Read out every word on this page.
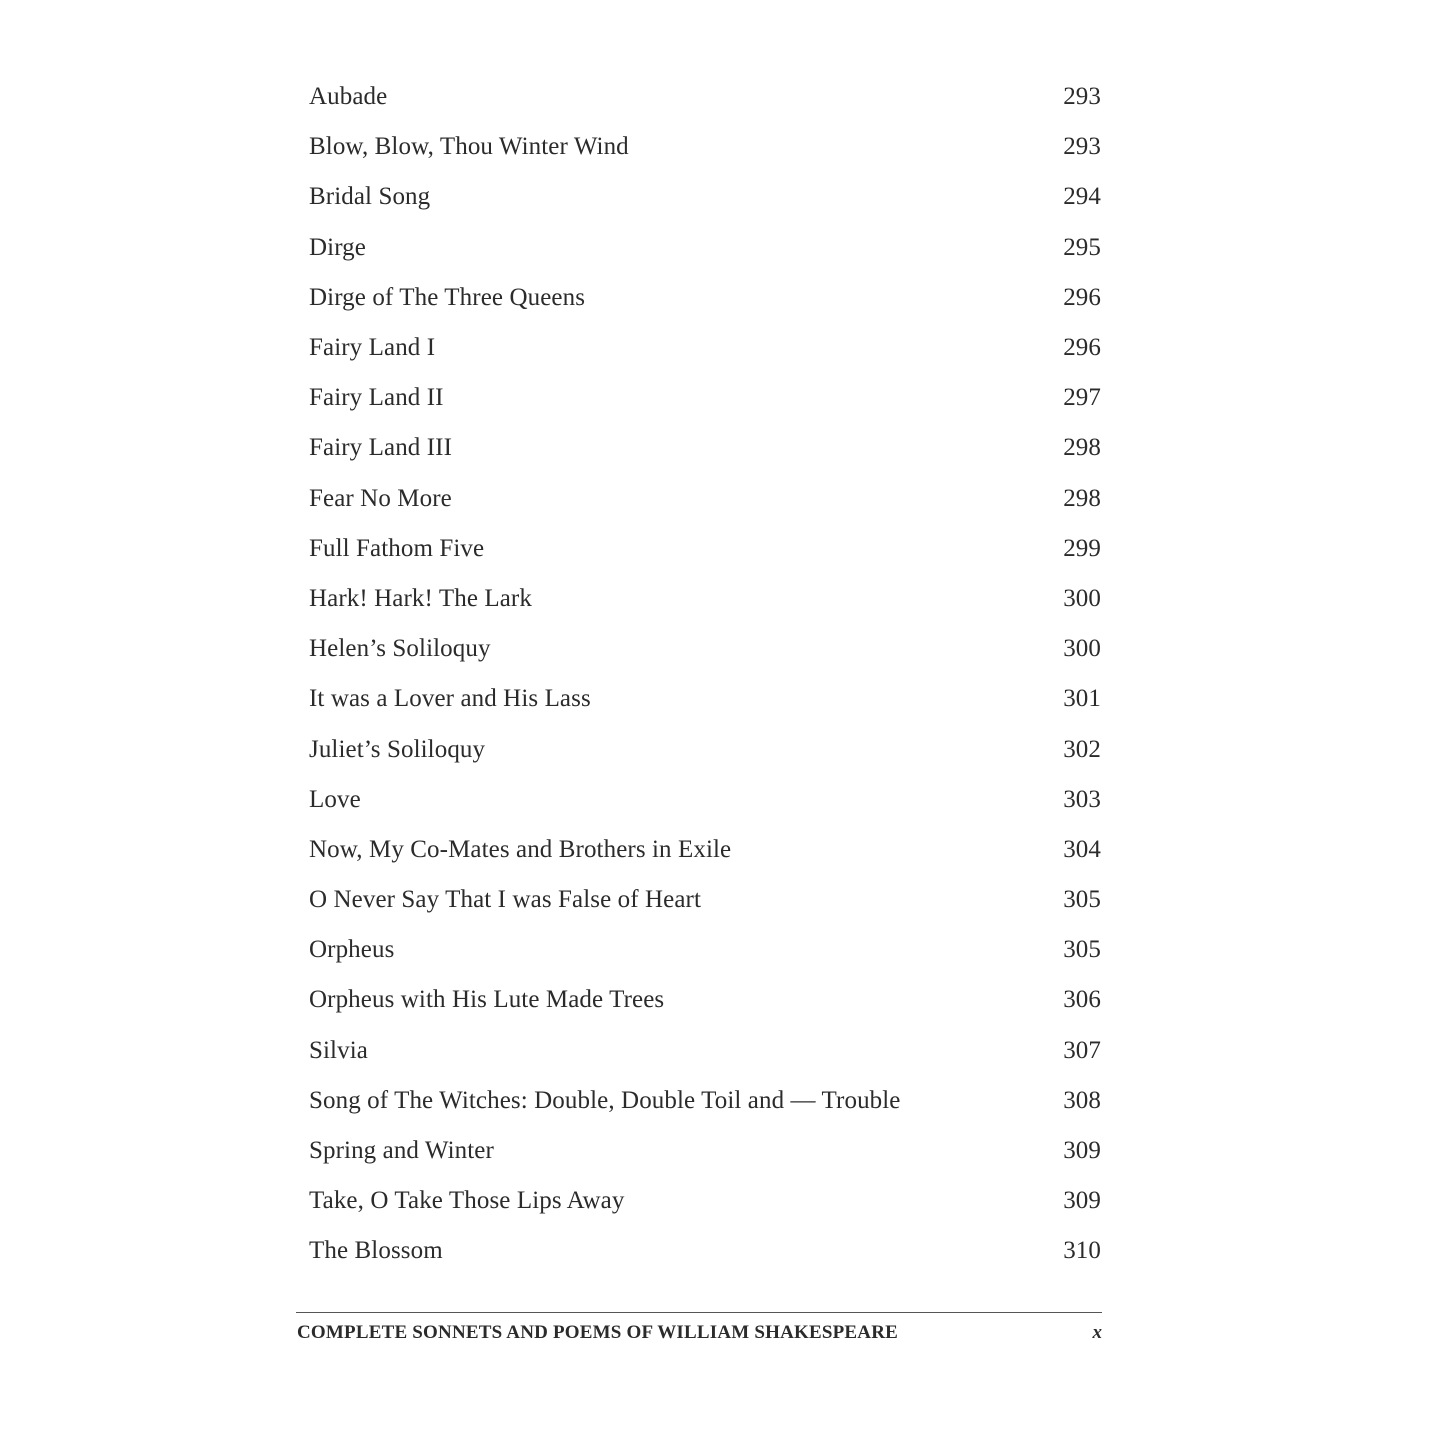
Aubade	293
Blow, Blow, Thou Winter Wind	293
Bridal Song	294
Dirge	295
Dirge of The Three Queens	296
Fairy Land I	296
Fairy Land II	297
Fairy Land III	298
Fear No More	298
Full Fathom Five	299
Hark! Hark! The Lark	300
Helen’s Soliloquy	300
It was a Lover and His Lass	301
Juliet’s Soliloquy	302
Love	303
Now, My Co-Mates and Brothers in Exile	304
O Never Say That I was False of Heart	305
Orpheus	305
Orpheus with His Lute Made Trees	306
Silvia	307
Song of The Witches: Double, Double Toil and — Trouble	308
Spring and Winter	309
Take, O Take Those Lips Away	309
The Blossom	310
COMPLETE SONNETS AND POEMS OF WILLIAM SHAKESPEARE	x
